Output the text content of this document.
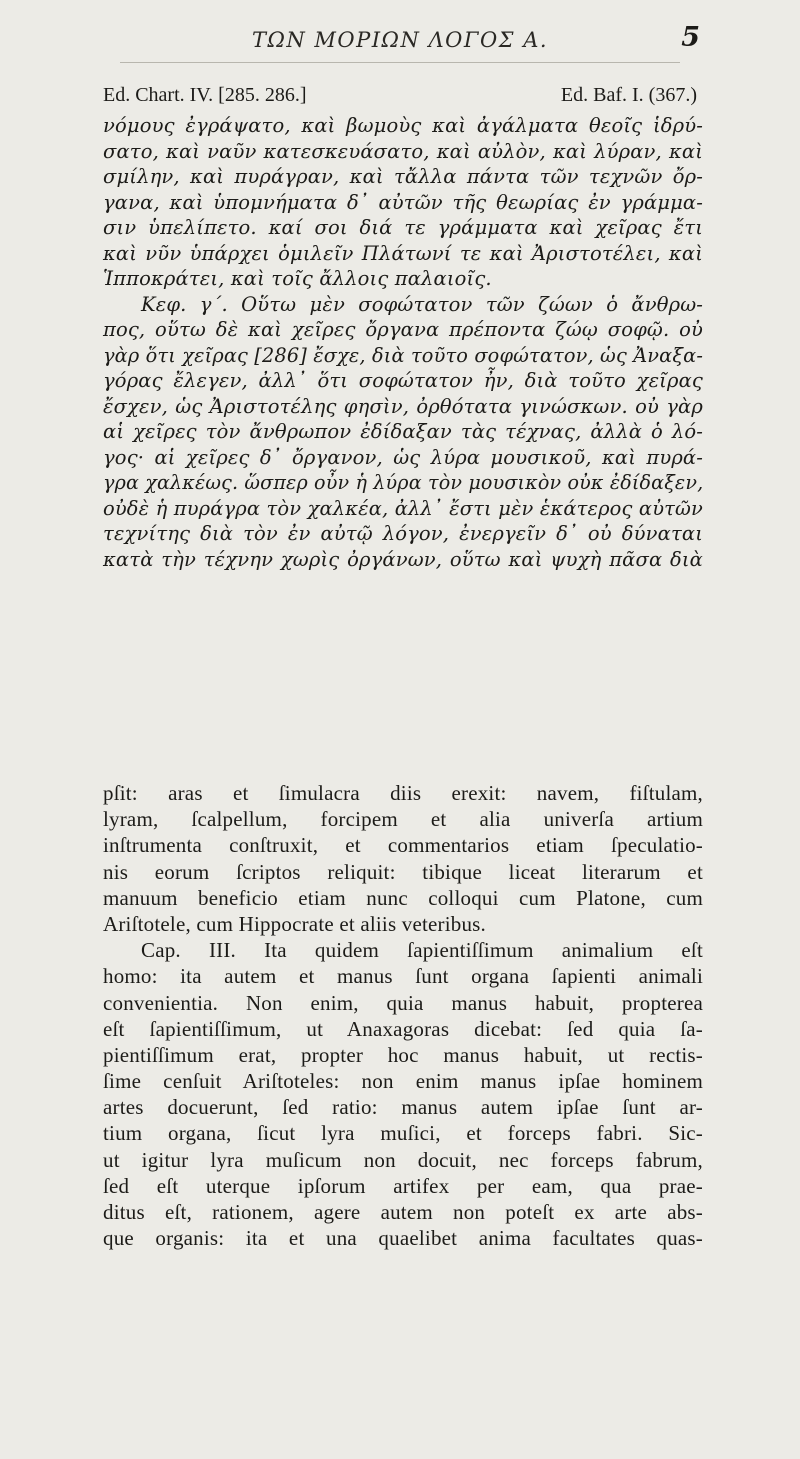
ΤΩΝ ΜΟΡΙΩΝ ΛΟΓΟΣ Α.	5
Ed. Chart. IV. [285. 286.]	Ed. Baf. I. (367.)
νόμους ἐγράψατο, καὶ βωμοὺς καὶ ἀγάλματα θεοῖς ἱδρύ-
σατο, καὶ ναῦν κατεσκευάσατο, καὶ αὐλὸν, καὶ λύραν, καὶ
σμίλην, καὶ πυράγραν, καὶ τἄλλα πάντα τῶν τεχνῶν ὄρ-
γανα, καὶ ὑπομνήματα δ᾿ αὐτῶν τῆς θεωρίας ἐν γράμμα-
σιν ὑπελίπετο. καί σοι διά τε γράμματα καὶ χεῖρας ἔτι
καὶ νῦν ὑπάρχει ὁμιλεῖν Πλάτωνί τε καὶ Ἀριστοτέλει, καὶ
Ἱπποκράτει, καὶ τοῖς ἄλλοις παλαιοῖς.
Κεφ. γ΄. Οὕτω μὲν σοφώτατον τῶν ζώων ὁ ἄνθρω-
πος, οὕτω δὲ καὶ χεῖρες ὄργανα πρέποντα ζώῳ σοφῷ. οὐ
γὰρ ὅτι χεῖρας [286] ἔσχε, διὰ τοῦτο σοφώτατον, ὡς Ἀναξα-
γόρας ἔλεγεν, ἀλλ᾿ ὅτι σοφώτατον ἦν, διὰ τοῦτο χεῖρας
ἔσχεν, ὡς Ἀριστοτέλης φησὶν, ὀρθότατα γινώσκων. οὐ γὰρ
αἱ χεῖρες τὸν ἄνθρωπον ἐδίδαξαν τὰς τέχνας, ἀλλὰ ὁ λό-
γος· αἱ χεῖρες δ᾿ ὄργανον, ὡς λύρα μουσικοῦ, καὶ πυρά-
γρα χαλκέως. ὥσπερ οὖν ἡ λύρα τὸν μουσικὸν οὐκ ἐδίδαξεν,
οὐδὲ ἡ πυράγρα τὸν χαλκέα, ἀλλ᾿ ἔστι μὲν ἑκάτερος αὐτῶν
τεχνίτης διὰ τὸν ἐν αὐτῷ λόγον, ἐνεργεῖν δ᾿ οὐ δύναται
κατὰ τὴν τέχνην χωρὶς ὀργάνων, οὕτω καὶ ψυχὴ πᾶσα διὰ
pſit: aras et ſimulacra diis erexit: navem, fiſtulam,
lyram, ſcalpellum, forcipem et alia univerſa artium
inſtrumenta conſtruxit, et commentarios etiam ſpeculatio-
nis eorum ſcriptos reliquit: tibique liceat literarum et
manuum beneficio etiam nunc colloqui cum Platone, cum
Ariſtotele, cum Hippocrate et aliis veteribus.
Cap. III. Ita quidem ſapientiſſimum animalium eſt
homo: ita autem et manus ſunt organa ſapienti animali
convenientia. Non enim, quia manus habuit, propterea
eſt ſapientiſſimum, ut Anaxagoras dicebat: ſed quia ſa-
pientiſſimum erat, propter hoc manus habuit, ut rectis-
ſime cenſuit Ariſtoteles: non enim manus ipſae hominem
artes docuerunt, ſed ratio: manus autem ipſae ſunt ar-
tium organa, ſicut lyra muſici, et forceps fabri. Sic-
ut igitur lyra muſicum non docuit, nec forceps fabrum,
ſed eſt uterque ipſorum artifex per eam, qua prae-
ditus eſt, rationem, agere autem non poteſt ex arte abs-
que organis: ita et una quaelibet anima facultates quas-
